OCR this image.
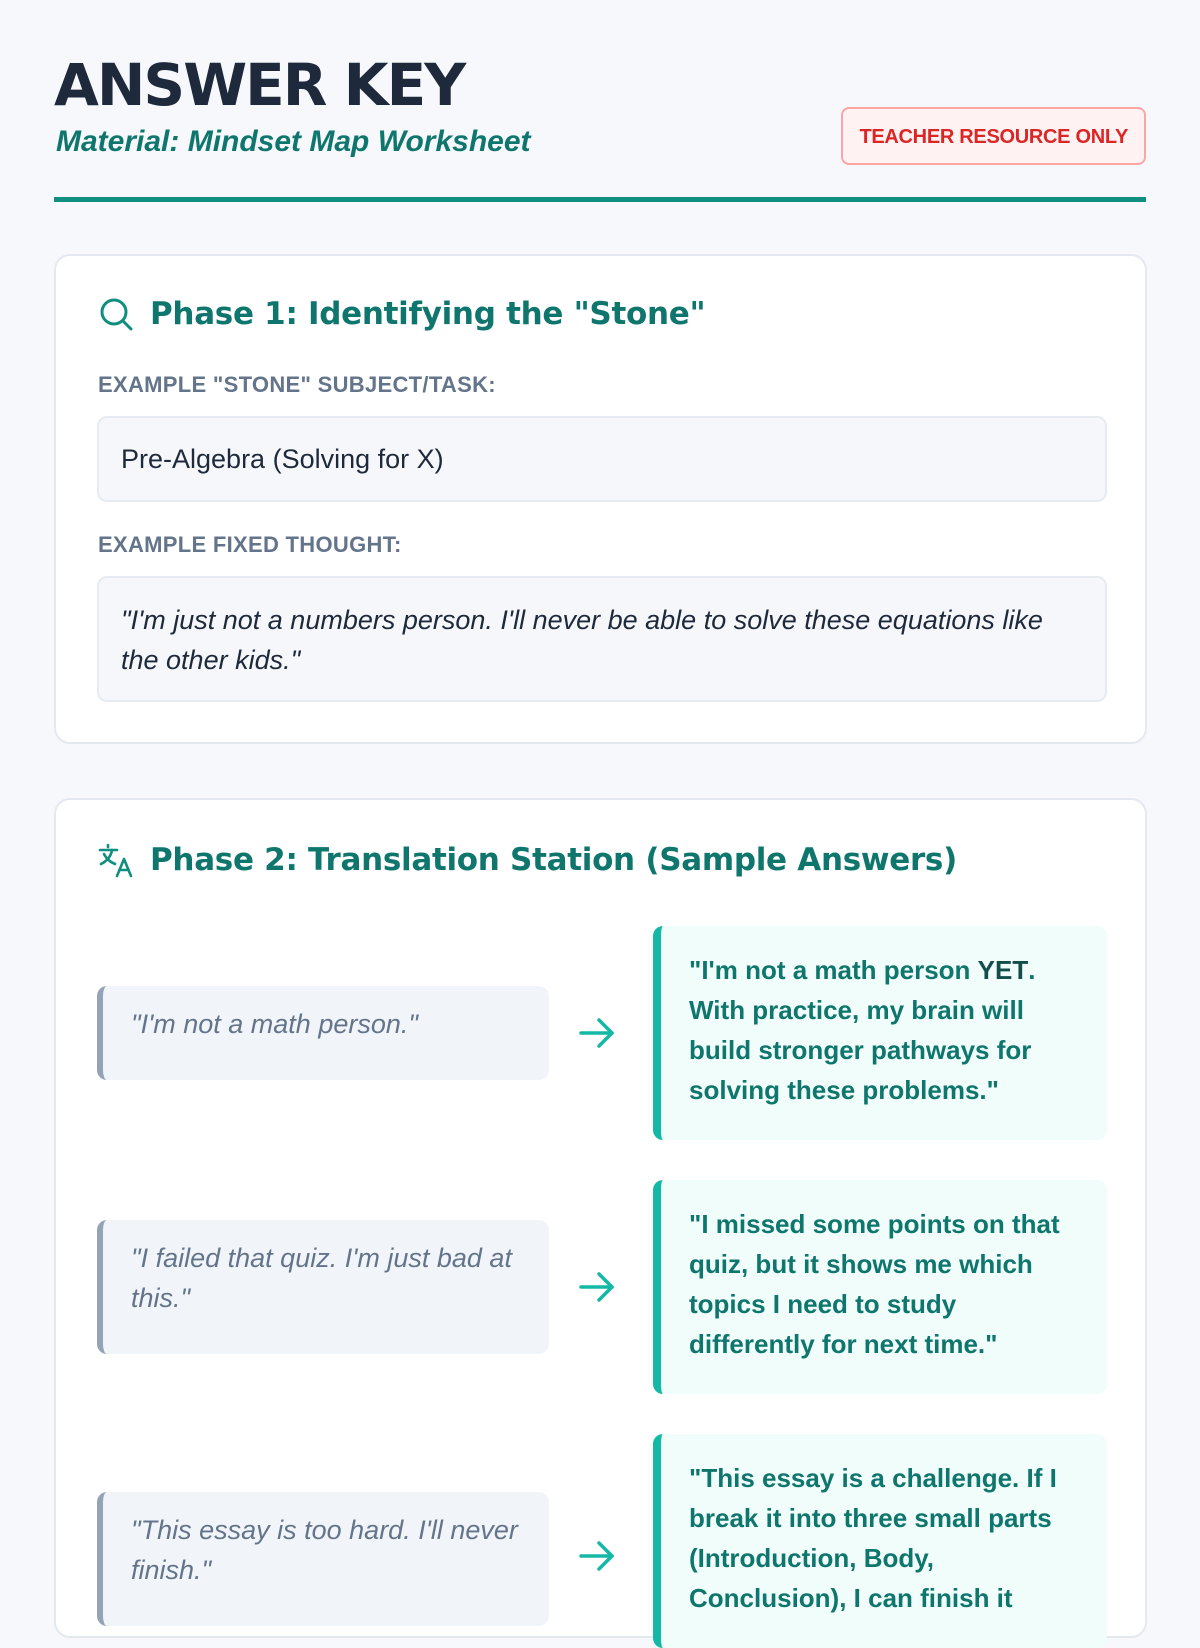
ANSWER KEY
Material: Mindset Map Worksheet	TEACHER RESOURCE ONLY
Phase 1: Identifying the "Stone"
EXAMPLE "STONE" SUBJECT/TASK:
Pre-Algebra (Solving for X)
EXAMPLE FIXED THOUGHT:
"I'm just not a numbers person. I'll never be able to solve these equations like the other kids."
Phase 2: Translation Station (Sample Answers)
"I'm not a math person."
"I'm not a math person YET. With practice, my brain will build stronger pathways for solving these problems."
"I failed that quiz. I'm just bad at this."
"I missed some points on that quiz, but it shows me which topics I need to study differently for next time."
"This essay is too hard. I'll never finish."
"This essay is a challenge. If I break it into three small parts (Introduction, Body, Conclusion), I can finish it
